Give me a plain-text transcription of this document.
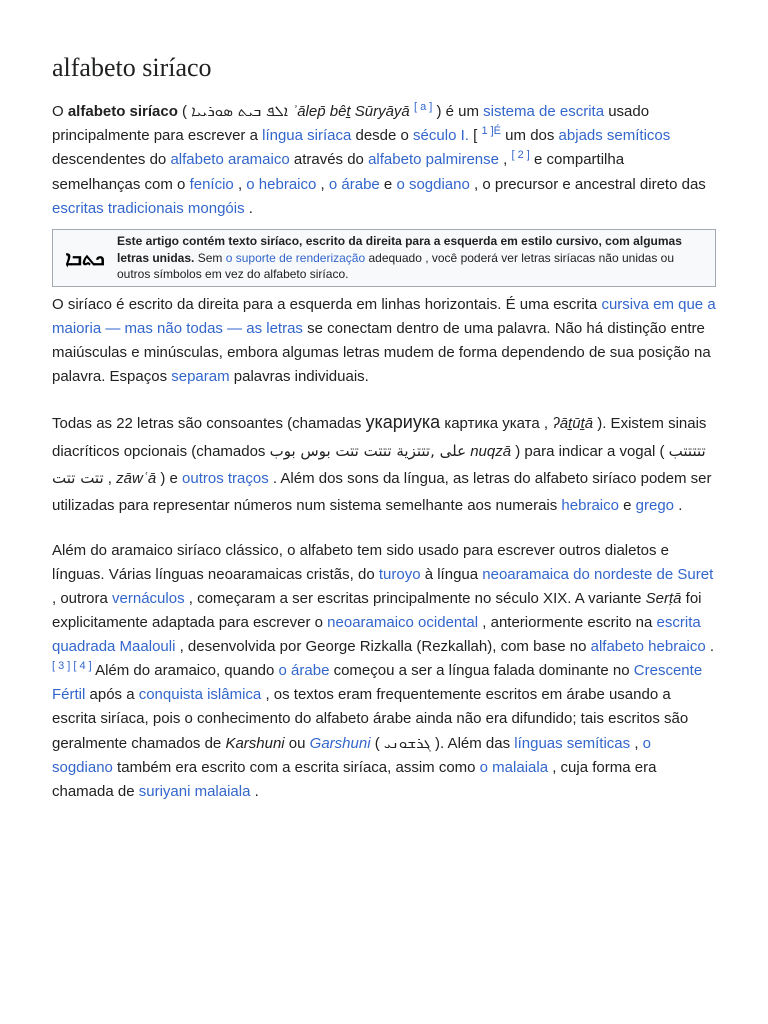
alfabeto siríaco

O alfabeto siríaco ( ܐܠܦ ܒܝܬ ܣܘܪܝܝܐ ʾālep̄ bêṯ Sūryāyā [ a ] ) é um sistema de escrita usado principalmente para escrever a língua siríaca desde o século I. [ $^{1 ]É}$ um dos abjads semíticos descendentes do alfabeto aramaico através do alfabeto palmirense , [ 2 ] e compartilha semelhanças com o fenício , o hebraico , o árabe e o sogdiano , o precursor e ancestral direto das escritas tradicionais mongóis .

ܟܬܒܐ
Este artigo contém texto siríaco, escrito da direita para a esquerda em estilo cursivo, com algumas letras unidas. Sem o suporte de renderização adequado , você poderá ver letras siríacas não unidas ou outros símbolos em vez do alfabeto siríaco.

O siríaco é escrito da direita para a esquerda em linhas horizontais. É uma escrita cursiva em que a maioria — mas não todas — as letras se conectam dentro de uma palavra. Não há distinção entre maiúsculas e minúsculas, embora algumas letras mudem de forma dependendo de sua posição na palavra. Espaços separam palavras individuais.

Todas as 22 letras são consoantes (chamadas укариука картика уката , ʔāṯūṯā ). Existem sinais diacríticos opcionais (chamados على ,تتتزية تتتت تتت بوس بوب nuqzā ) para indicar a vogal ( تتتتتب تتت تتت , zāwʿā ) e outros traços . Além dos sons da língua, as letras do alfabeto siríaco podem ser utilizadas para representar números num sistema semelhante aos numerais hebraico e grego .

Além do aramaico siríaco clássico, o alfabeto tem sido usado para escrever outros dialetos e línguas. Várias línguas neoaramaicas cristãs, do turoyo à língua neoaramaica do nordeste de Suret , outrora vernáculos , começaram a ser escritas principalmente no século XIX. A variante Serṭā foi explicitamente adaptada para escrever o neoaramaico ocidental , anteriormente escrito na escrita quadrada Maalouli , desenvolvida por George Rizkalla (Rezkallah), com base no alfabeto hebraico . [ 3 ] [ 4 ] Além do aramaico, quando o árabe começou a ser a língua falada dominante no Crescente Fértil após a conquista islâmica , os textos eram frequentemente escritos em árabe usando a escrita siríaca, pois o conhecimento do alfabeto árabe ainda não era difundido; tais escritos são geralmente chamados de Karshuni ou Garshuni ( ܓܪܫܘܢܝ ). Além das línguas semíticas , o sogdiano também era escrito com a escrita siríaca, assim como o malaiala , cuja forma era chamada de suriyani malaiala .
